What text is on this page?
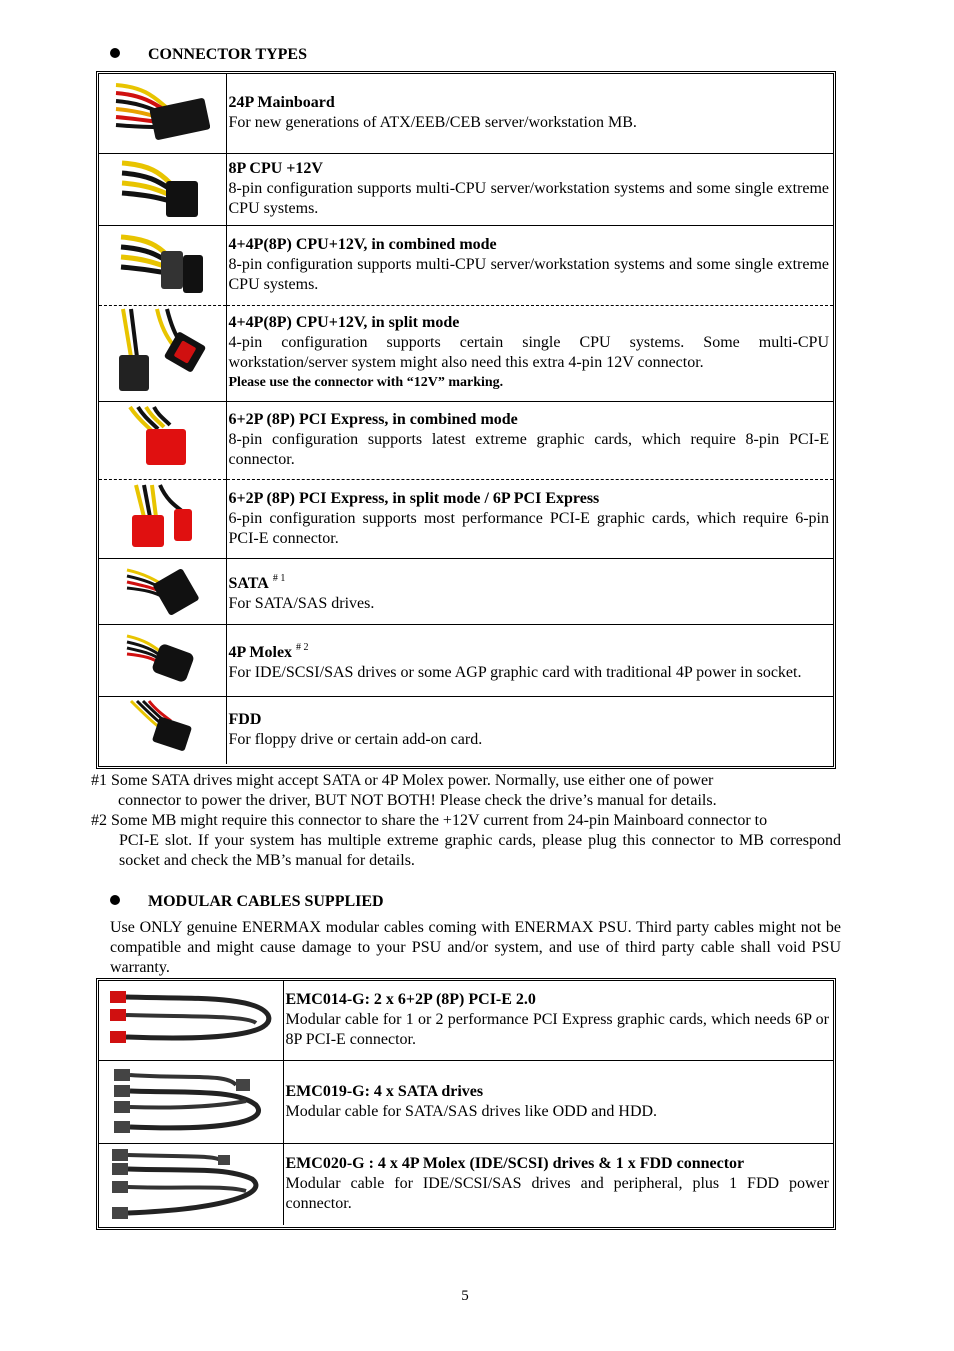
CONNECTOR TYPES

24P Mainboard
For new generations of ATX/EEB/CEB server/workstation MB.

8P CPU +12V
8-pin configuration supports multi-CPU server/workstation systems and some single extreme CPU systems.

4+4P(8P) CPU+12V, in combined mode
8-pin configuration supports multi-CPU server/workstation systems and some single extreme CPU systems.

4+4P(8P) CPU+12V, in split mode
4-pin configuration supports certain single CPU systems. Some multi-CPU workstation/server system might also need this extra 4-pin 12V connector.
Please use the connector with “12V” marking.

6+2P (8P) PCI Express, in combined mode
8-pin configuration supports latest extreme graphic cards, which require 8-pin PCI-E connector.

6+2P (8P) PCI Express, in split mode / 6P PCI Express
6-pin configuration supports most performance PCI-E graphic cards, which require 6-pin PCI-E connector.

SATA $^{\# 1}$
For SATA/SAS drives.

4P Molex $^{\# 2}$
For IDE/SCSI/SAS drives or some AGP graphic card with traditional 4P power in socket.

FDD
For floppy drive or certain add-on card.
#1 Some SATA drives might accept SATA or 4P Molex power. Normally, use either one of power
connector to power the driver, BUT NOT BOTH! Please check the drive’s manual for details.
#2 Some MB might require this connector to share the +12V current from 24-pin Mainboard connector to
PCI-E slot. If your system has multiple extreme graphic cards, please plug this connector to MB correspond socket and check the MB’s manual for details.
MODULAR CABLES SUPPLIED
Use ONLY genuine ENERMAX modular cables coming with ENERMAX PSU. Third party cables might not be compatible and might cause damage to your PSU and/or system, and use of third party cable shall void PSU warranty.

EMC014-G: 2 x 6+2P (8P) PCI-E 2.0
Modular cable for 1 or 2 performance PCI Express graphic cards, which needs 6P or 8P PCI-E connector.

EMC019-G: 4 x SATA drives
Modular cable for SATA/SAS drives like ODD and HDD.

EMC020-G : 4 x 4P Molex (IDE/SCSI) drives & 1 x FDD connector
Modular cable for IDE/SCSI/SAS drives and peripheral, plus 1 FDD power connector.
5
